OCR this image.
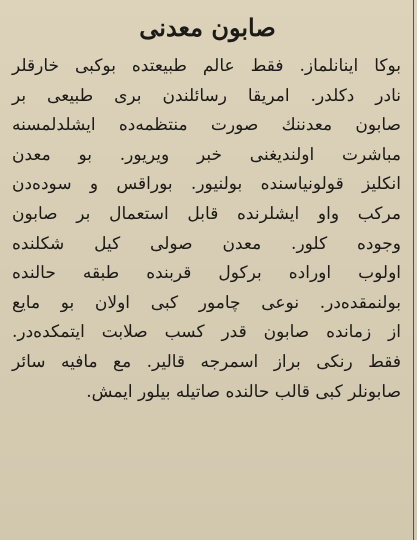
صابون معدنی
بوکا اینانلماز. فقط عالم طبیعتده بوکبی خارقلر
نادر دکلدر. امریقا رسائلندن بری طبیعی بر
صابون معدننك صورت منتظمه‌ده ایشلدلمسنه
مباشرت اولندیغنی خبر ویریور. بو معدن
انکلیز قولونیاسنده بولنیور. بوراقس و سوده‌دن
مرکب واو ایشلرنده قابل استعمال بر صابون
وجوده کلور. معدن صولی کیل شکلنده
اولوب اوراده برکول قربنده طبقه حالنده
بولنمقده‌در. نوعی چامور کبی اولان بو مایع
از زمانده صابون قدر کسب صلابت ایتمکده‌در.
فقط رنکی براز اسمرجه قالیر. مع مافیه سائر
صابونلر کبی قالب حالنده صاتیله بیلور ایمش.
